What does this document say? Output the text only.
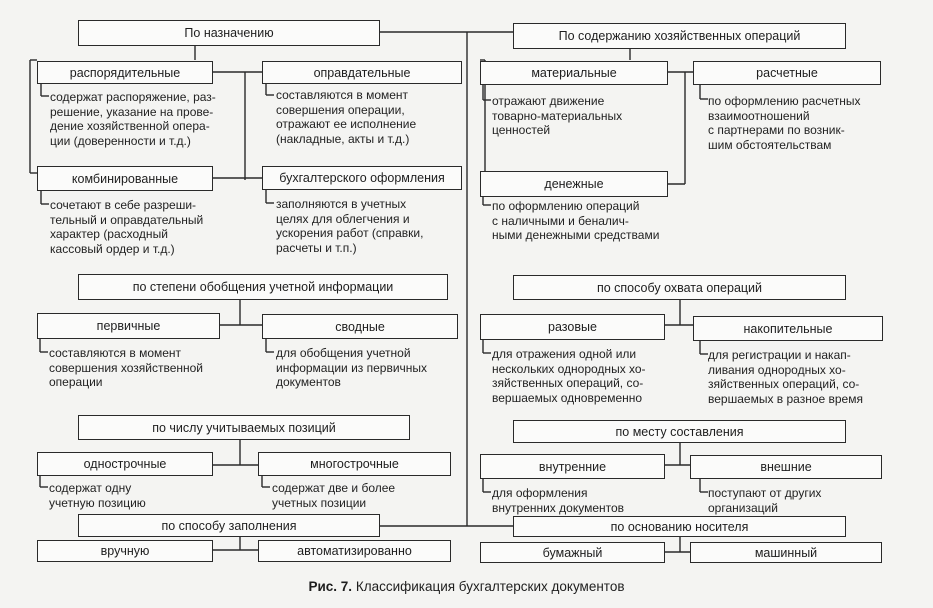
По назначению
распорядительные
содержат распоряжение, раз-
решение, указание на прове-
дение хозяйственной опера-
ции (доверенности и т.д.)
оправдательные
составляются в момент
совершения операции,
отражают ее исполнение
(накладные, акты и т.д.)
комбинированные
сочетают в себе разреши-
тельный и оправдательный
характер (расходный
кассовый ордер и т.д.)
бухгалтерского оформления
заполняются в учетных
целях для облегчения и
ускорения работ (справки,
расчеты и т.п.)
По содержанию хозяйственных операций
материальные
отражают движение
товарно-материальных
ценностей
расчетные
по оформлению расчетных
взаимоотношений
с партнерами по возник-
шим обстоятельствам
денежные
по оформлению операций
с наличными и беналич-
ными денежными средствами
по степени обобщения учетной информации
первичные
составляются в момент
совершения хозяйственной
операции
сводные
для обобщения учетной
информации из первичных
документов
по способу охвата операций
разовые
для отражения одной или
нескольких однородных хо-
зяйственных операций, со-
вершаемых одновременно
накопительные
для регистрации и накап-
ливания однородных хо-
зяйственных операций, со-
вершаемых в разное время
по числу учитываемых позиций
однострочные
содержат одну
учетную позицию
многострочные
содержат две и более
учетных позиции
по месту составления
внутренние
для оформления
внутренних документов
внешние
поступают от других
организаций
по способу заполнения
вручную	автоматизированно
по основанию носителя
бумажный	машинный
Рис. 7. Классификация бухгалтерских документов
